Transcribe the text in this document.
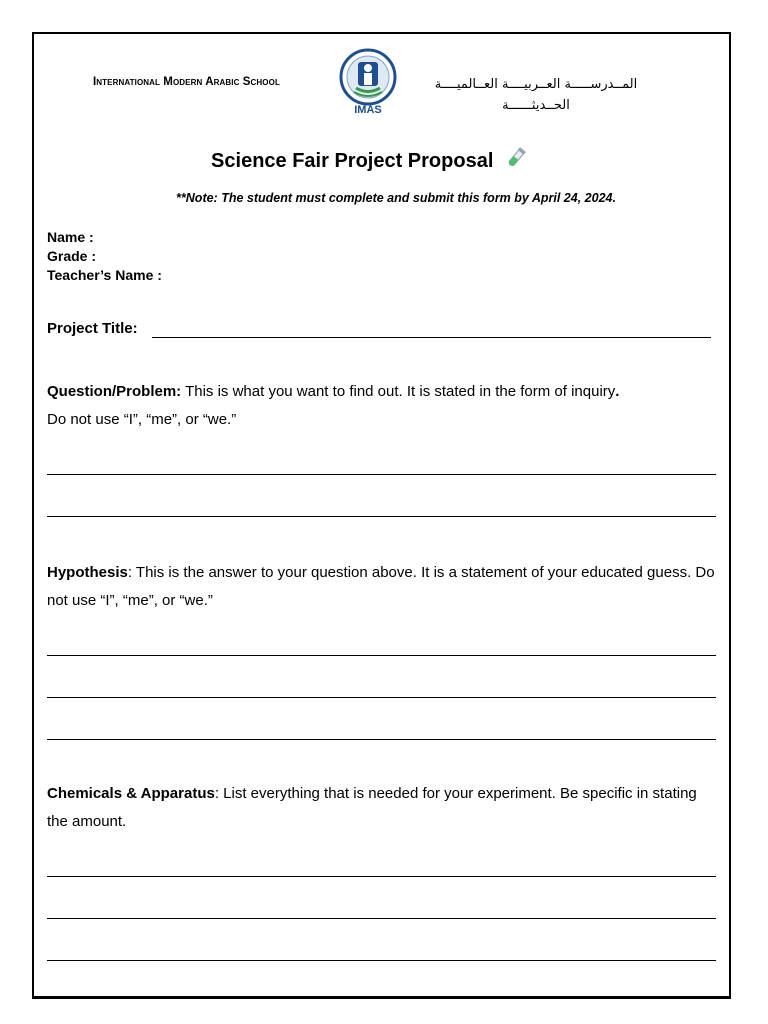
International Modern Arabic School
IMAS
المــدرســـــة العــربيــــة العــالميــــة
الحــديثــــــة
Science Fair Project Proposal
**Note: The student must complete and submit this form by April 24, 2024.
Name :
Grade :
Teacher’s Name :
Project Title:
Question/Problem: This is what you want to find out. It is stated in the form of inquiry.
Do not use “I”, “me”, or “we.”
Hypothesis: This is the answer to your question above. It is a statement of your educated guess. Do not use “I”, “me”, or “we.”
Chemicals & Apparatus: List everything that is needed for your experiment. Be specific in stating the amount.
